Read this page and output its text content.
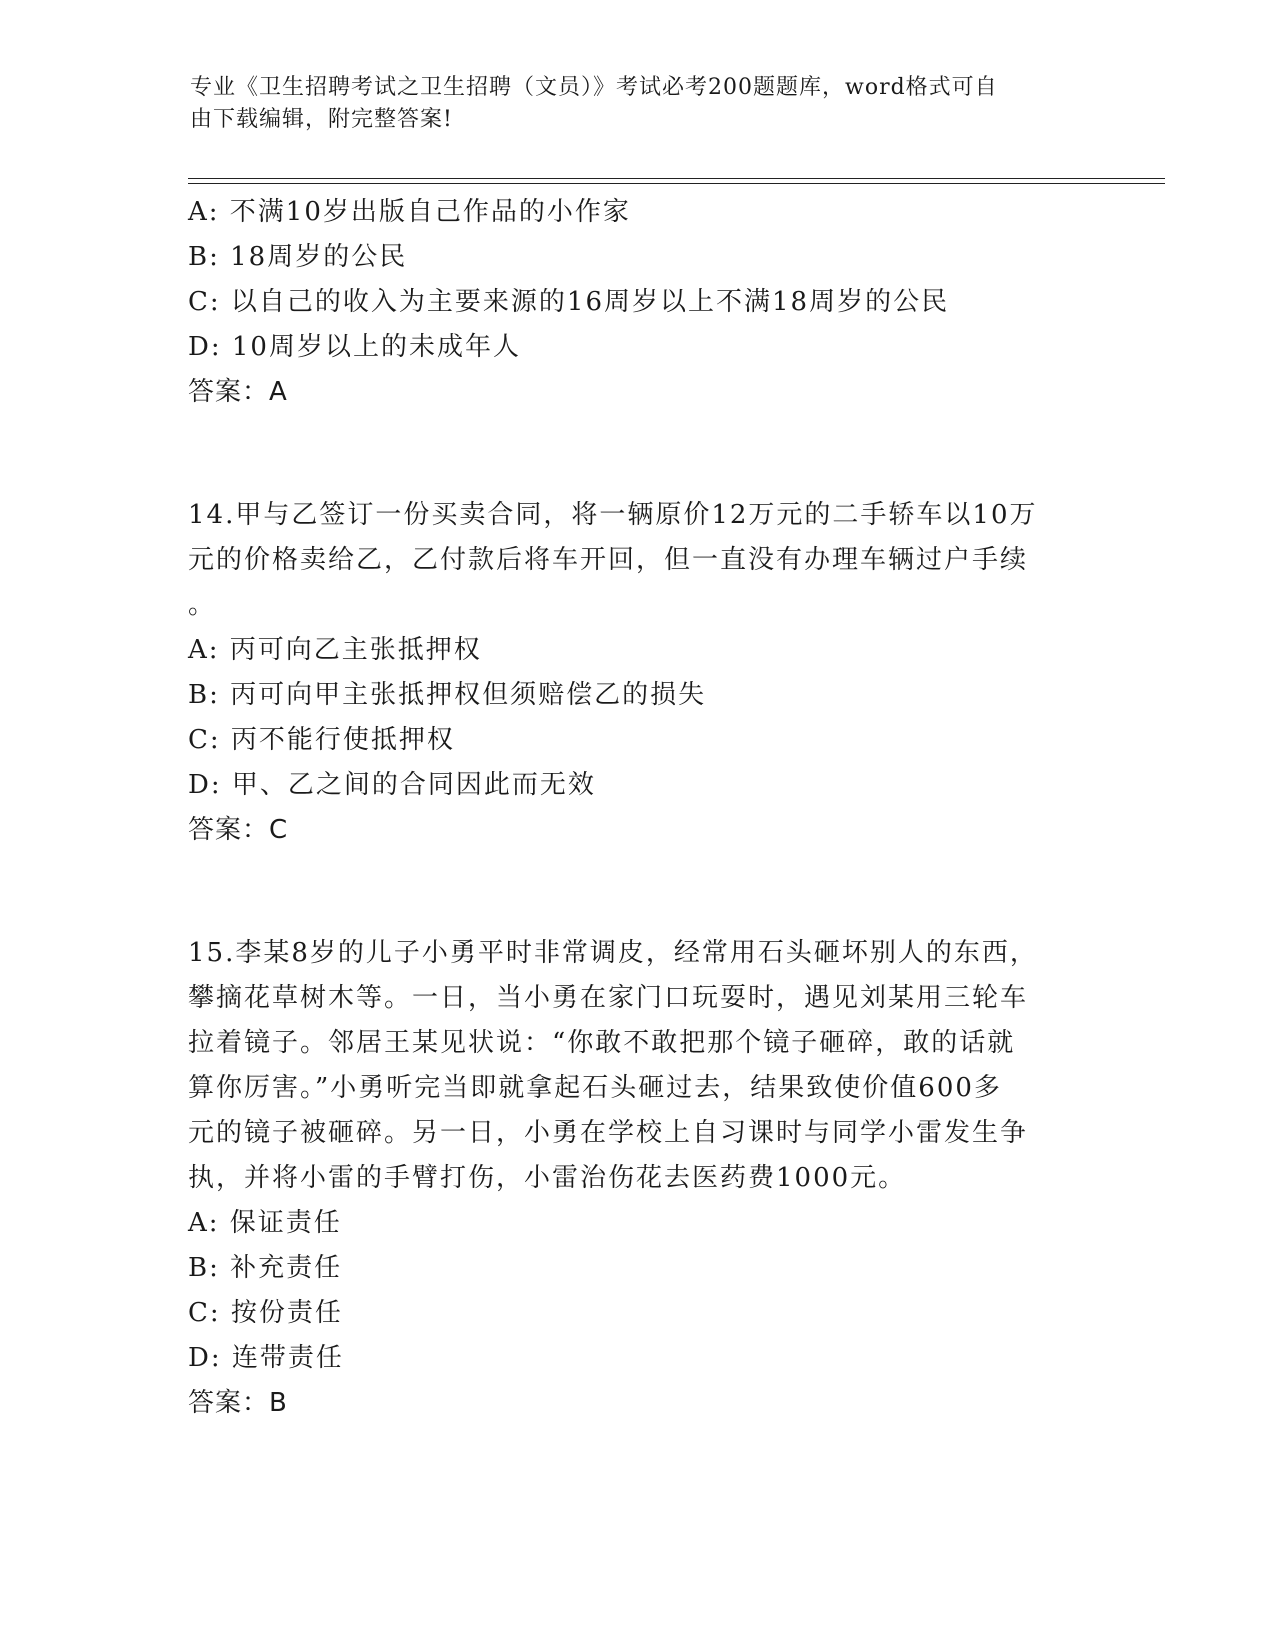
专业《卫生招聘考试之卫生招聘（文员）》考试必考200题题库，word格式可自
由下载编辑，附完整答案!
A: 不满10岁出版自己作品的小作家
B: 18周岁的公民
C: 以自己的收入为主要来源的16周岁以上不满18周岁的公民
D: 10周岁以上的未成年人
答案：A
14.甲与乙签订一份买卖合同，将一辆原价12万元的二手轿车以10万
元的价格卖给乙，乙付款后将车开回，但一直没有办理车辆过户手续
。
A: 丙可向乙主张抵押权
B: 丙可向甲主张抵押权但须赔偿乙的损失
C: 丙不能行使抵押权
D: 甲、乙之间的合同因此而无效
答案：C
15.李某8岁的儿子小勇平时非常调皮，经常用石头砸坏别人的东西，
攀摘花草树木等。一日，当小勇在家门口玩耍时，遇见刘某用三轮车
拉着镜子。邻居王某见状说：“你敢不敢把那个镜子砸碎，敢的话就
算你厉害。”小勇听完当即就拿起石头砸过去，结果致使价值600多
元的镜子被砸碎。另一日，小勇在学校上自习课时与同学小雷发生争
执，并将小雷的手臂打伤，小雷治伤花去医药费1000元。
A: 保证责任
B: 补充责任
C: 按份责任
D: 连带责任
答案：B
